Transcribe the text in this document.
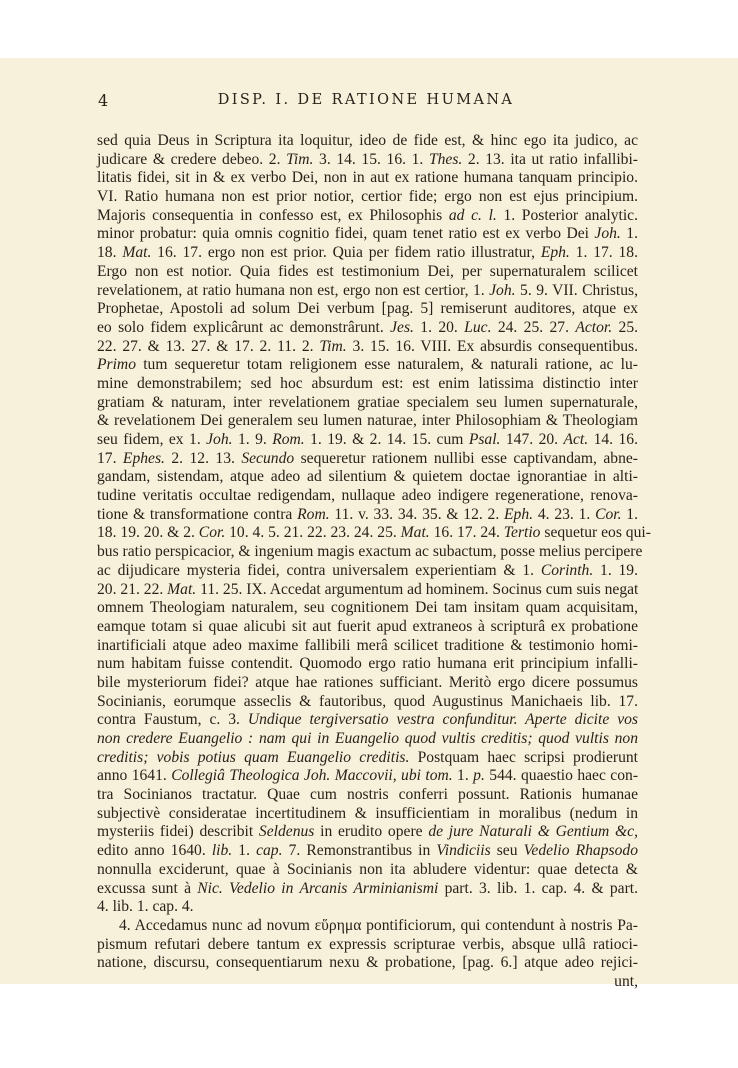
4	DISP. I. DE RATIONE HUMANA
sed quia Deus in Scriptura ita loquitur, ideo de fide est, & hinc ego ita judico, ac
judicare & credere debeo. 2. Tim. 3. 14. 15. 16. 1. Thes. 2. 13. ita ut ratio infallibi-
litatis fidei, sit in & ex verbo Dei, non in aut ex ratione humana tanquam principio.
VI. Ratio humana non est prior notior, certior fide; ergo non est ejus principium.
Majoris consequentia in confesso est, ex Philosophis ad c. l. 1. Posterior analytic.
minor probatur: quia omnis cognitio fidei, quam tenet ratio est ex verbo Dei Joh. 1.
18. Mat. 16. 17. ergo non est prior. Quia per fidem ratio illustratur, Eph. 1. 17. 18.
Ergo non est notior. Quia fides est testimonium Dei, per supernaturalem scilicet
revelationem, at ratio humana non est, ergo non est certior, 1. Joh. 5. 9. VII. Christus,
Prophetae, Apostoli ad solum Dei verbum [pag. 5] remiserunt auditores, atque ex
eo solo fidem explicârunt ac demonstrârunt. Jes. 1. 20. Luc. 24. 25. 27. Actor. 25.
22. 27. & 13. 27. & 17. 2. 11. 2. Tim. 3. 15. 16. VIII. Ex absurdis consequentibus.
Primo tum sequeretur totam religionem esse naturalem, & naturali ratione, ac lu-
mine demonstrabilem; sed hoc absurdum est: est enim latissima distinctio inter
gratiam & naturam, inter revelationem gratiae specialem seu lumen supernaturale,
& revelationem Dei generalem seu lumen naturae, inter Philosophiam & Theologiam
seu fidem, ex 1. Joh. 1. 9. Rom. 1. 19. & 2. 14. 15. cum Psal. 147. 20. Act. 14. 16.
17. Ephes. 2. 12. 13. Secundo sequeretur rationem nullibi esse captivandam, abne-
gandam, sistendam, atque adeo ad silentium & quietem doctae ignorantiae in alti-
tudine veritatis occultae redigendam, nullaque adeo indigere regeneratione, renova-
tione & transformatione contra Rom. 11. v. 33. 34. 35. & 12. 2. Eph. 4. 23. 1. Cor. 1.
18. 19. 20. & 2. Cor. 10. 4. 5. 21. 22. 23. 24. 25. Mat. 16. 17. 24. Tertio sequetur eos qui-
bus ratio perspicacior, & ingenium magis exactum ac subactum, posse melius percipere
ac dijudicare mysteria fidei, contra universalem experientiam & 1. Corinth. 1. 19.
20. 21. 22. Mat. 11. 25. IX. Accedat argumentum ad hominem. Socinus cum suis negat
omnem Theologiam naturalem, seu cognitionem Dei tam insitam quam acquisitam,
eamque totam si quae alicubi sit aut fuerit apud extraneos à scripturâ ex probatione
inartificiali atque adeo maxime fallibili merâ scilicet traditione & testimonio homi-
num habitam fuisse contendit. Quomodo ergo ratio humana erit principium infalli-
bile mysteriorum fidei? atque hae rationes sufficiant. Meritò ergo dicere possumus
Socinianis, eorumque asseclis & fautoribus, quod Augustinus Manichaeis lib. 17.
contra Faustum, c. 3. Undique tergiversatio vestra confunditur. Aperte dicite vos
non credere Euangelio : nam qui in Euangelio quod vultis creditis; quod vultis non
creditis; vobis potius quam Euangelio creditis. Postquam haec scripsi prodierunt
anno 1641. Collegiâ Theologica Joh. Maccovii, ubi tom. 1. p. 544. quaestio haec con-
tra Socinianos tractatur. Quae cum nostris conferri possunt. Rationis humanae
subjectivè consideratae incertitudinem & insufficientiam in moralibus (nedum in
mysteriis fidei) describit Seldenus in erudito opere de jure Naturali & Gentium &c,
edito anno 1640. lib. 1. cap. 7. Remonstrantibus in Vindiciis seu Vedelio Rhapsodo
nonnulla exciderunt, quae à Socinianis non ita abludere videntur: quae detecta &
excussa sunt à Nic. Vedelio in Arcanis Arminianismi part. 3. lib. 1. cap. 4. & part.
4. lib. 1. cap. 4.
4. Accedamus nunc ad novum εὕρημα pontificiorum, qui contendunt à nostris Pa-
pismum refutari debere tantum ex expressis scripturae verbis, absque ullâ ratioci-
natione, discursu, consequentiarum nexu & probatione, [pag. 6.] atque adeo rejici-
unt,
